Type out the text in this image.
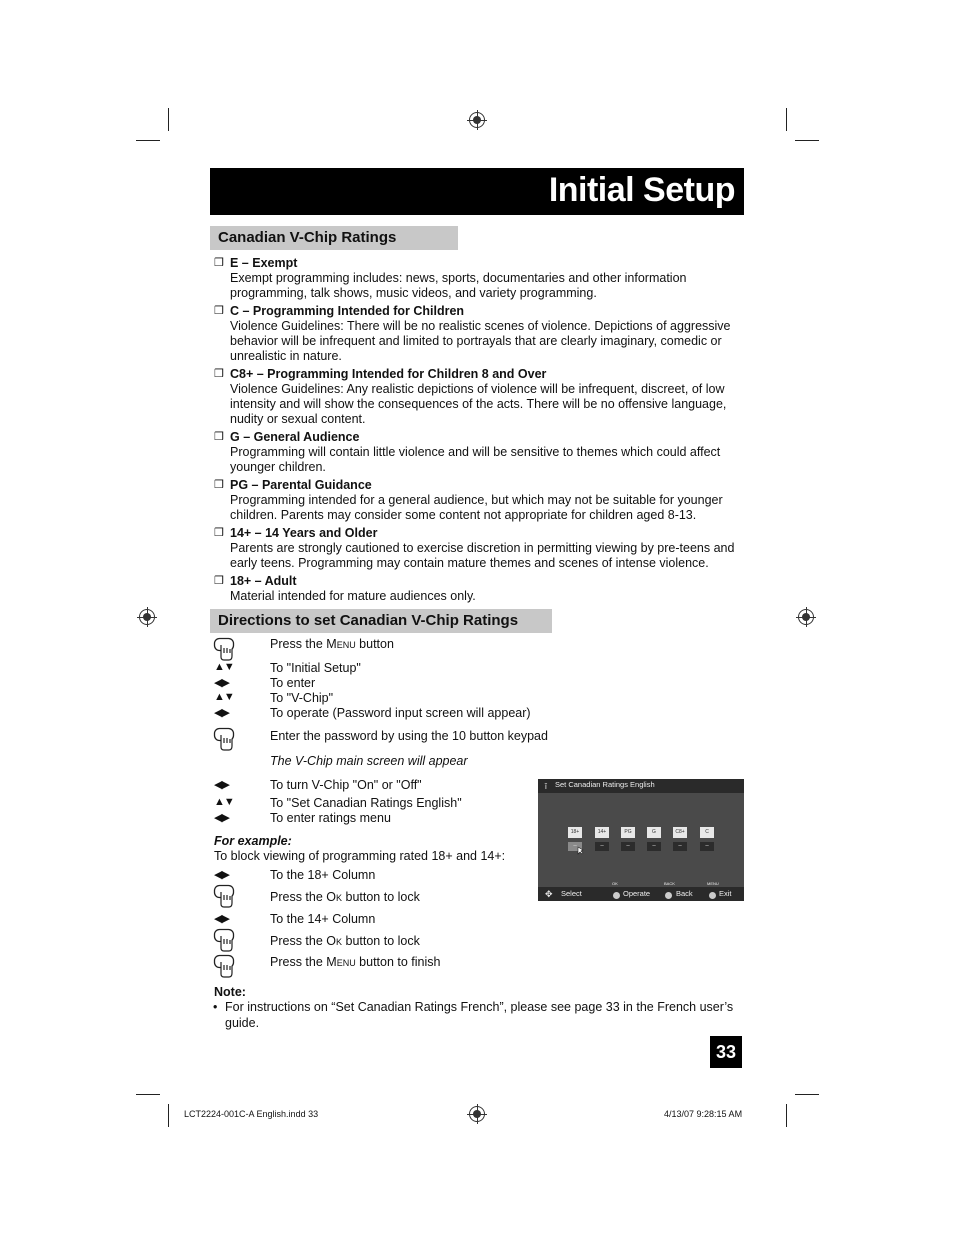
Initial Setup
Canadian V-Chip Ratings
❒ E – Exempt
Exempt programming includes: news, sports, documentaries and other information
programming, talk shows, music videos, and variety programming.
❒ C – Programming Intended for Children
Violence Guidelines: There will be no realistic scenes of violence. Depictions of aggressive
behavior will be infrequent and limited to portrayals that are clearly imaginary, comedic or
unrealistic in nature.
❒ C8+ – Programming Intended for Children 8 and Over
Violence Guidelines: Any realistic depictions of violence will be infrequent, discreet, of low
intensity and will show the consequences of the acts. There will be no offensive language,
nudity or sexual content.
❒ G – General Audience
Programming will contain little violence and will be sensitive to themes which could affect
younger children.
❒ PG – Parental Guidance
Programming intended for a general audience, but which may not be suitable for younger
children. Parents may consider some content not appropriate for children aged 8-13.
❒ 14+ – 14 Years and Older
Parents are strongly cautioned to exercise discretion in permitting viewing by pre-teens and
early teens. Programming may contain mature themes and scenes of intense violence.
❒ 18+ – Adult
Material intended for mature audiences only.
Directions to set Canadian V-Chip Ratings
Press the Menu button
▲▼	To "Initial Setup"
◀▶	To enter
▲▼	To "V-Chip"
◀▶	To operate (Password input screen will appear)
Enter the password by using the 10 button keypad
The V-Chip main screen will appear
◀▶	To turn V-Chip "On" or "Off"
▲▼	To "Set Canadian Ratings English"
◀▶	To enter ratings menu
For example:
To block viewing of programming rated 18+ and 14+:
◀▶	To the 18+ Column
Press the Ok button to lock
◀▶	To the 14+ Column
Press the Ok button to lock
Press the Menu button to finish
ǐ Set Canadian Ratings English
18+	14+	PG	G	C8+	C
–	–	–	–	–	–
✥ Select
OK
Operate
BACK
Back
MENU
Exit
Note:
• For instructions on “Set Canadian Ratings French”, please see page 33 in the French user’s
guide.
33
LCT2224-001C-A English.indd 33	4/13/07 9:28:15 AM
